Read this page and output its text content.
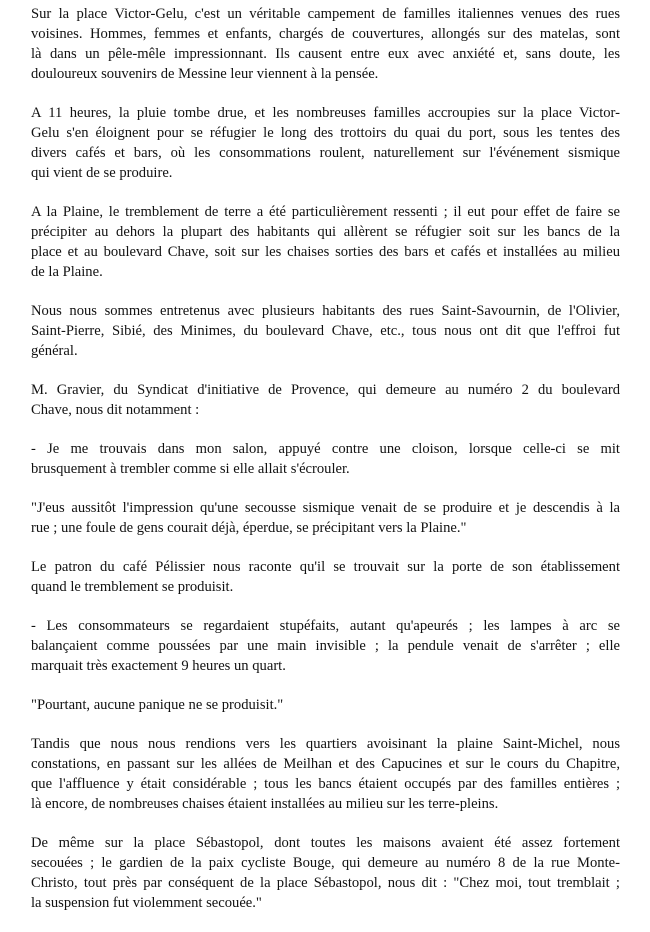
Sur la place Victor-Gelu, c'est un véritable campement de familles italiennes venues des rues
voisines. Hommes, femmes et enfants, chargés de couvertures, allongés sur des matelas, sont
là dans un pêle-mêle impressionnant. Ils causent entre eux avec anxiété et, sans doute, les
douloureux souvenirs de Messine leur viennent à la pensée.

A 11 heures, la pluie tombe drue, et les nombreuses familles accroupies sur la place Victor-
Gelu s'en éloignent pour se réfugier le long des trottoirs du quai du port, sous les tentes des
divers cafés et bars, où les consommations roulent, naturellement sur l'événement sismique
qui vient de se produire.

A la Plaine, le tremblement de terre a été particulièrement ressenti ; il eut pour effet de faire se
précipiter au dehors la plupart des habitants qui allèrent se réfugier soit sur les bancs de la
place et au boulevard Chave, soit sur les chaises sorties des bars et cafés et installées au milieu
de la Plaine.

Nous nous sommes entretenus avec plusieurs habitants des rues Saint-Savournin, de l'Olivier,
Saint-Pierre, Sibié, des Minimes, du boulevard Chave, etc., tous nous ont dit que l'effroi fut
général.

M. Gravier, du Syndicat d'initiative de Provence, qui demeure au numéro 2 du boulevard
Chave, nous dit notamment :

- Je me trouvais dans mon salon, appuyé contre une cloison, lorsque celle-ci se mit
brusquement à trembler comme si elle allait s'écrouler.

"J'eus aussitôt l'impression qu'une secousse sismique venait de se produire et je descendis à la
rue ; une foule de gens courait déjà, éperdue, se précipitant vers la Plaine."

Le patron du café Pélissier nous raconte qu'il se trouvait sur la porte de son établissement
quand le tremblement se produisit.

- Les consommateurs se regardaient stupéfaits, autant qu'apeurés ; les lampes à arc se
balançaient comme poussées par une main invisible ; la pendule venait de s'arrêter ; elle
marquait très exactement 9 heures un quart.

"Pourtant, aucune panique ne se produisit."

Tandis que nous nous rendions vers les quartiers avoisinant la plaine Saint-Michel, nous
constations, en passant sur les allées de Meilhan et des Capucines et sur le cours du Chapitre,
que l'affluence y était considérable ; tous les bancs étaient occupés par des familles entières ;
là encore, de nombreuses chaises étaient installées au milieu sur les terre-pleins.

De même sur la place Sébastopol, dont toutes les maisons avaient été assez fortement
secouées ; le gardien de la paix cycliste Bouge, qui demeure au numéro 8 de la rue Monte-
Christo, tout près par conséquent de la place Sébastopol, nous dit : "Chez moi, tout tremblait ;
la suspension fut violemment secouée."
